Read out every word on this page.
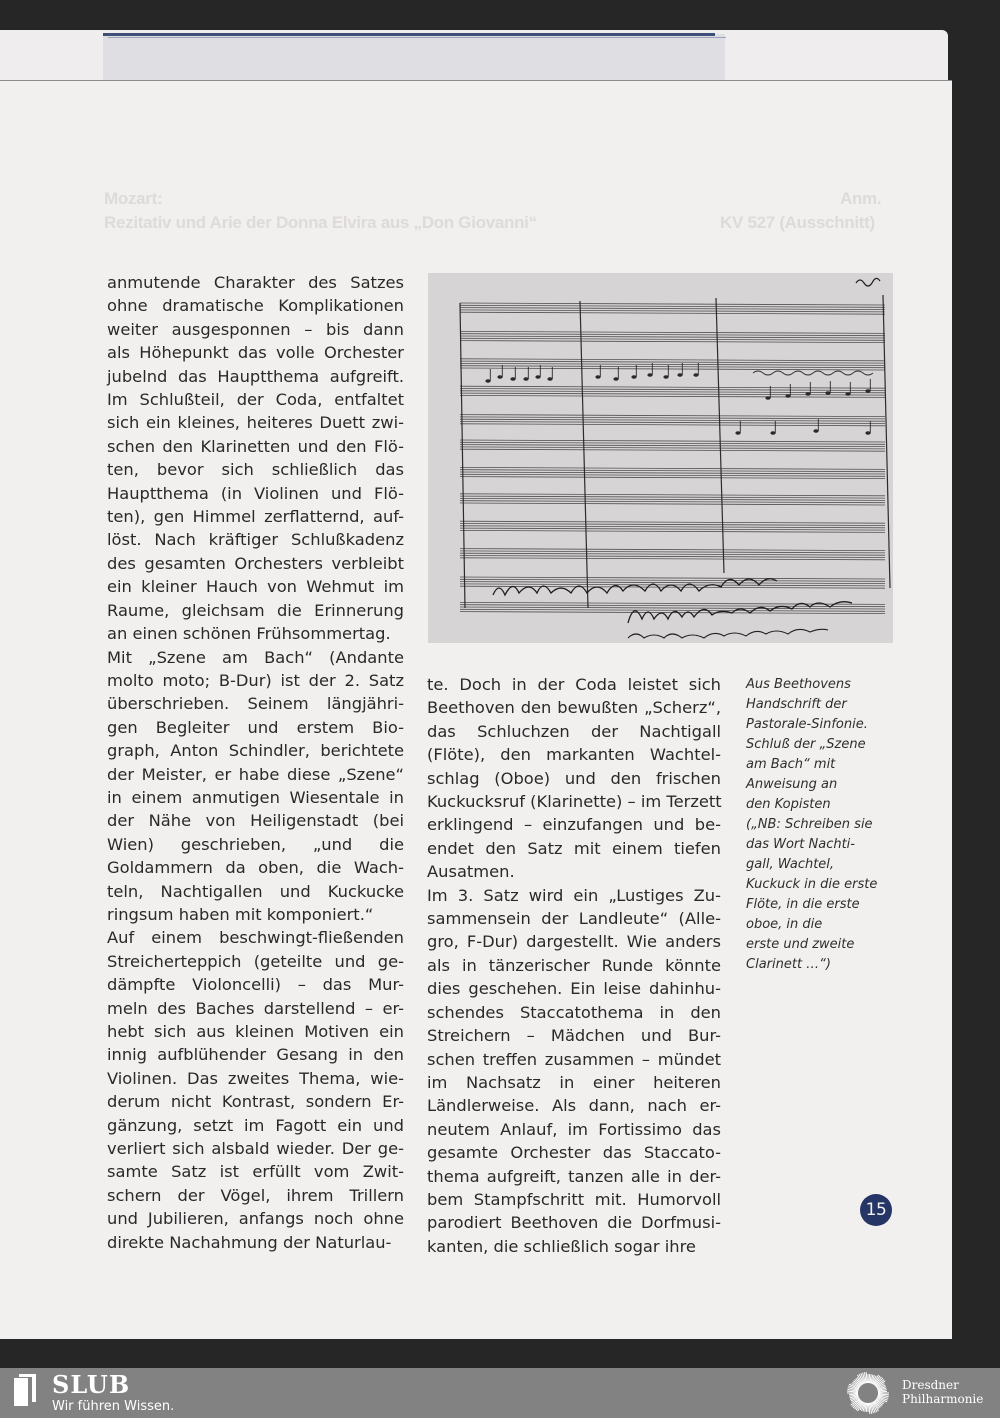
Mozart:
Rezitativ und Arie der Donna Elvira aus „Don Giovanni“
Anm.
KV 527 (Ausschnitt)

anmutende Charakter des Satzes

ohne dramatische Komplikationen

weiter ausgesponnen – bis dann

als Höhepunkt das volle Orchester

jubelnd das Hauptthema aufgreift.

Im Schlußteil, der Coda, entfaltet

sich ein kleines, heiteres Duett zwi-

schen den Klarinetten und den Flö-

ten, bevor sich schließlich das

Hauptthema (in Violinen und Flö-

ten), gen Himmel zerflatternd, auf-

löst. Nach kräftiger Schlußkadenz

des gesamten Orchesters verbleibt

ein kleiner Hauch von Wehmut im

Raume, gleichsam die Erinnerung

an einen schönen Frühsommertag.

Mit „Szene am Bach“ (Andante

molto moto; B-Dur) ist der 2. Satz

überschrieben. Seinem längjähri-

gen Begleiter und erstem Bio-

graph, Anton Schindler, berichtete

der Meister, er habe diese „Szene“

in einem anmutigen Wiesentale in

der Nähe von Heiligenstadt (bei

Wien) geschrieben, „und die

Goldammern da oben, die Wach-

teln, Nachtigallen und Kuckucke

ringsum haben mit komponiert.“

Auf einem beschwingt-fließenden

Streicherteppich (geteilte und ge-

dämpfte Violoncelli) – das Mur-

meln des Baches darstellend – er-

hebt sich aus kleinen Motiven ein

innig aufblühender Gesang in den

Violinen. Das zweites Thema, wie-

derum nicht Kontrast, sondern Er-

gänzung, setzt im Fagott ein und

verliert sich alsbald wieder. Der ge-

samte Satz ist erfüllt vom Zwit-

schern der Vögel, ihrem Trillern

und Jubilieren, anfangs noch ohne

direkte Nachahmung der Naturlau-

te. Doch in der Coda leistet sich

Beethoven den bewußten „Scherz“,

das Schluchzen der Nachtigall

(Flöte), den markanten Wachtel-

schlag (Oboe) und den frischen

Kuckucksruf (Klarinette) – im Terzett

erklingend – einzufangen und be-

endet den Satz mit einem tiefen

Ausatmen.

Im 3. Satz wird ein „Lustiges Zu-

sammensein der Landleute“ (Alle-

gro, F-Dur) dargestellt. Wie anders

als in tänzerischer Runde könnte

dies geschehen. Ein leise dahinhu-

schendes Staccatothema in den

Streichern – Mädchen und Bur-

schen treffen zusammen – mündet

im Nachsatz in einer heiteren

Ländlerweise. Als dann, nach er-

neutem Anlauf, im Fortissimo das

gesamte Orchester das Staccato-

thema aufgreift, tanzen alle in der-

bem Stampfschritt mit. Humorvoll

parodiert Beethoven die Dorfmusi-

kanten, die schließlich sogar ihre

Aus Beethovens

Handschrift der

Pastorale-Sinfonie.

Schluß der „Szene

am Bach“ mit

Anweisung an

den Kopisten

(„NB: Schreiben sie

das Wort Nachti-

gall, Wachtel,

Kuckuck in die erste

Flöte, in die erste

oboe, in die

erste und zweite

Clarinett …“)

15
SLUB
Wir führen Wissen.
Dresdner
Philharmonie
